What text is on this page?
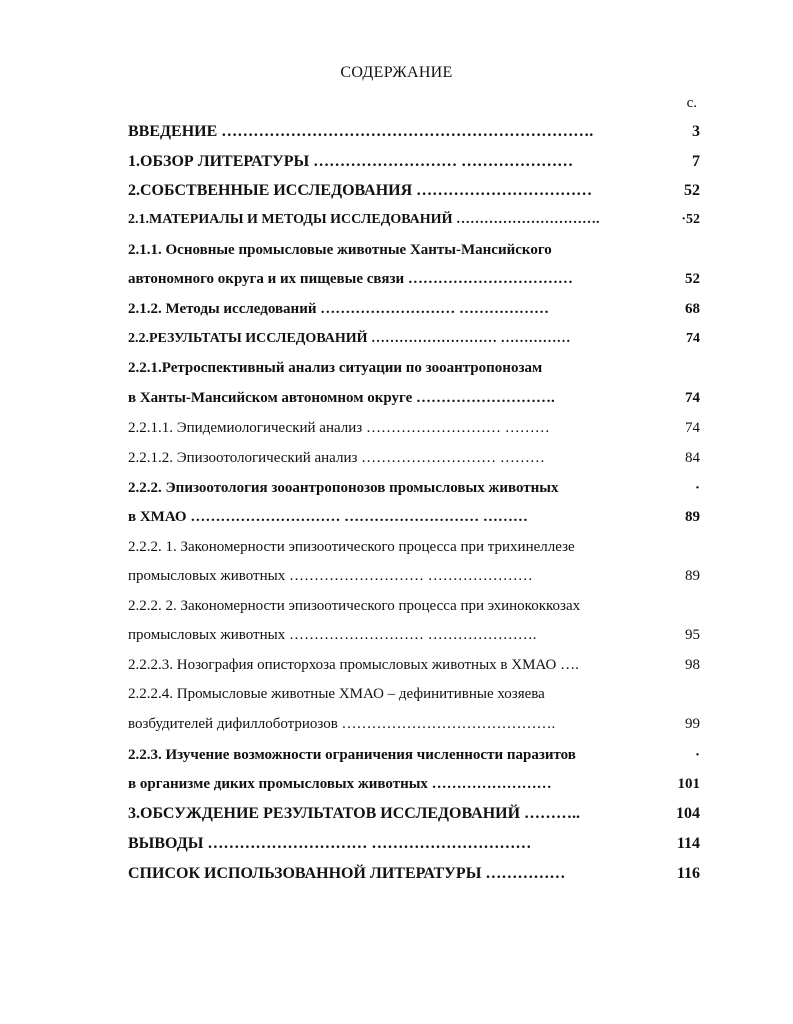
СОДЕРЖАНИЕ
с.
ВВЕДЕНИЕ …………………………………………………………….	3
1.ОБЗОР ЛИТЕРАТУРЫ ……………………… …………………	7
2.СОБСТВЕННЫЕ ИССЛЕДОВАНИЯ ……………………………	52
2.1.МАТЕРИАЛЫ И МЕТОДЫ ИССЛЕДОВАНИЙ ………………………….	·52
2.1.1. Основные промысловые животные Ханты-Мансийского
автономного округа и их пищевые связи ……………………………	52
2.1.2. Методы исследований ……………………… ………………	68
2.2.РЕЗУЛЬТАТЫ ИССЛЕДОВАНИЙ ……………………… ……………	74
2.2.1.Ретроспективный анализ ситуации по зооантропонозам
в Ханты-Мансийском автономном округе ……………………….	74
2.2.1.1. Эпидемиологический анализ ……………………… ………	74
2.2.1.2. Эпизоотологический анализ ……………………… ………	84
2.2.2. Эпизоотология зооантропонозов промысловых животных	·
в ХМАО ………………………… ……………………… ………	89
2.2.2. 1. Закономерности эпизоотического процесса при трихинеллезе
промысловых животных ……………………… …………………	89
2.2.2. 2. Закономерности эпизоотического процесса при эхинококкозах
промысловых животных ……………………… ………………….	95
2.2.2.3. Нозография описторхоза промысловых животных в ХМАО ….	98
2.2.2.4. Промысловые животные ХМАО – дефинитивные хозяева
возбудителей дифиллоботриозов …………………………………….	99
2.2.3. Изучение возможности ограничения численности паразитов	·
в организме диких промысловых животных ……………………	101
3.ОБСУЖДЕНИЕ РЕЗУЛЬТАТОВ ИССЛЕДОВАНИЙ ………..	104
ВЫВОДЫ ………………………… …………………………	114
СПИСОК ИСПОЛЬЗОВАННОЙ ЛИТЕРАТУРЫ ……………	116
